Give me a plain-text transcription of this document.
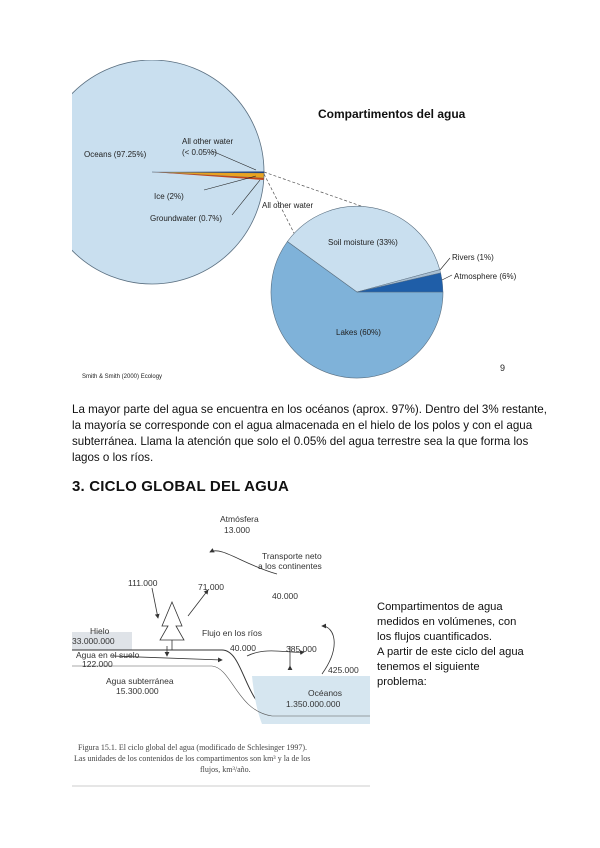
Oceans (97.25%)
All other water
(< 0.05%)
Ice (2%)
Groundwater (0.7%)
Compartimentos del agua
All other water
Soil moisture (33%)
Rivers (1%)
Atmosphere (6%)
Lakes (60%)
Smith & Smith (2000) Ecology
9
La mayor parte del agua se encuentra en los océanos (aprox. 97%). Dentro del 3% restante,
la mayoría se corresponde con el agua almacenada en el hielo de los polos y con el agua
subterránea. Llama la atención que solo el 0.05% del agua terrestre sea la que forma los
lagos o los ríos.
3. CICLO GLOBAL DEL AGUA
Atmósfera
13.000
Transporte neto
a los continentes
40.000
111.000	71.000
Hielo
33.000.000
Flujo en los ríos
40.000
Agua en el suelo
122.000
385.000
425.000
Agua subterránea
15.300.000	Océanos
1.350.000.000
Figura 15.1. El ciclo global del agua (modificado de Schlesinger 1997).
Las unidades de los contenidos de los compartimentos son km³ y la de los
flujos, km³/año.
Compartimentos de agua
medidos en volúmenes, con
los flujos cuantificados.
A partir de este ciclo del agua
tenemos el siguiente
problema:
